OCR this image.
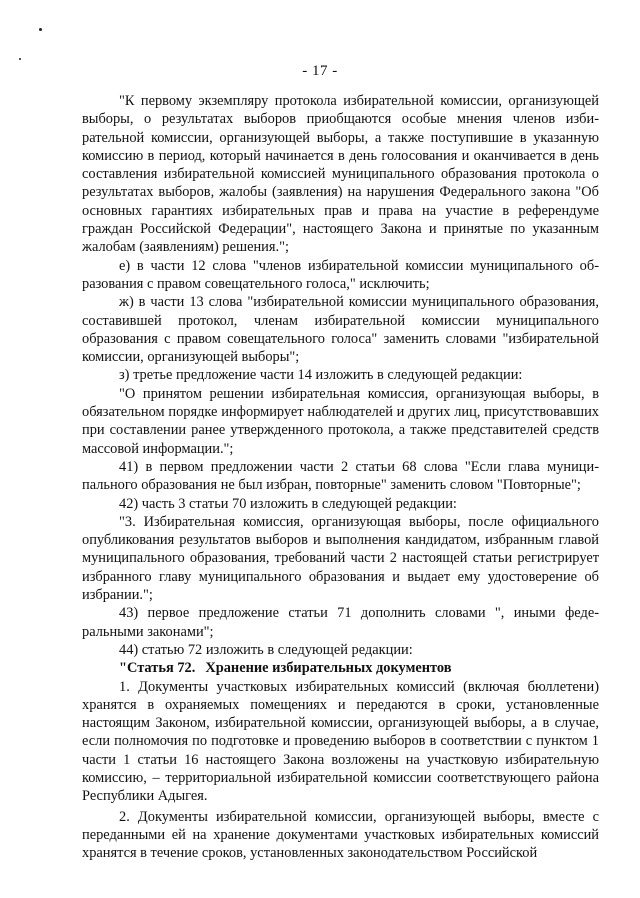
- 17 -

"К первому экземпляру протокола избирательной комиссии, организующей выборы, о результатах выборов приобщаются особые мнения членов избирательной комиссии, организующей выборы, а также поступившие в указанную комиссию в период, который начинается в день голосования и оканчивается в день составления избирательной комиссией муниципального образования протокола о результатах выборов, жалобы (заявления) на нарушения Федерального закона "Об основных гарантиях избирательных прав и права на участие в референдуме граждан Российской Федерации", настоящего Закона и принятые по указанным жалобам (заявлениям) решения.";

е) в части 12 слова "членов избирательной комиссии муниципального образования с правом совещательного голоса," исключить;

ж) в части 13 слова "избирательной комиссии муниципального образования, составившей протокол, членам избирательной комиссии муниципального образования с правом совещательного голоса" заменить словами "избирательной комиссии, организующей выборы";

з) третье предложение части 14 изложить в следующей редакции:

"О принятом решении избирательная комиссия, организующая выборы, в обязательном порядке информирует наблюдателей и других лиц, присутствовавших при составлении ранее утвержденного протокола, а также представителей средств массовой информации.";

41) в первом предложении части 2 статьи 68 слова "Если глава муниципального образования не был избран, повторные" заменить словом "Повторные";

42) часть 3 статьи 70 изложить в следующей редакции:

"3. Избирательная комиссия, организующая выборы, после официального опубликования результатов выборов и выполнения кандидатом, избранным главой муниципального образования, требований части 2 настоящей статьи регистрирует избранного главу муниципального образования и выдает ему удостоверение об избрании.";

43) первое предложение статьи 71 дополнить словами ", иными федеральными законами";

44) статью 72 изложить в следующей редакции:

"Статья 72. Хранение избирательных документов

1. Документы участковых избирательных комиссий (включая бюллетени) хранятся в охраняемых помещениях и передаются в сроки, установленные настоящим Законом, избирательной комиссии, организующей выборы, а в случае, если полномочия по подготовке и проведению выборов в соответствии с пунктом 1 части 1 статьи 16 настоящего Закона возложены на участковую избирательную комиссию, – территориальной избирательной комиссии соответствующего района Республики Адыгея.

2. Документы избирательной комиссии, организующей выборы, вместе с переданными ей на хранение документами участковых избирательных комиссий хранятся в течение сроков, установленных законодательством Российской
